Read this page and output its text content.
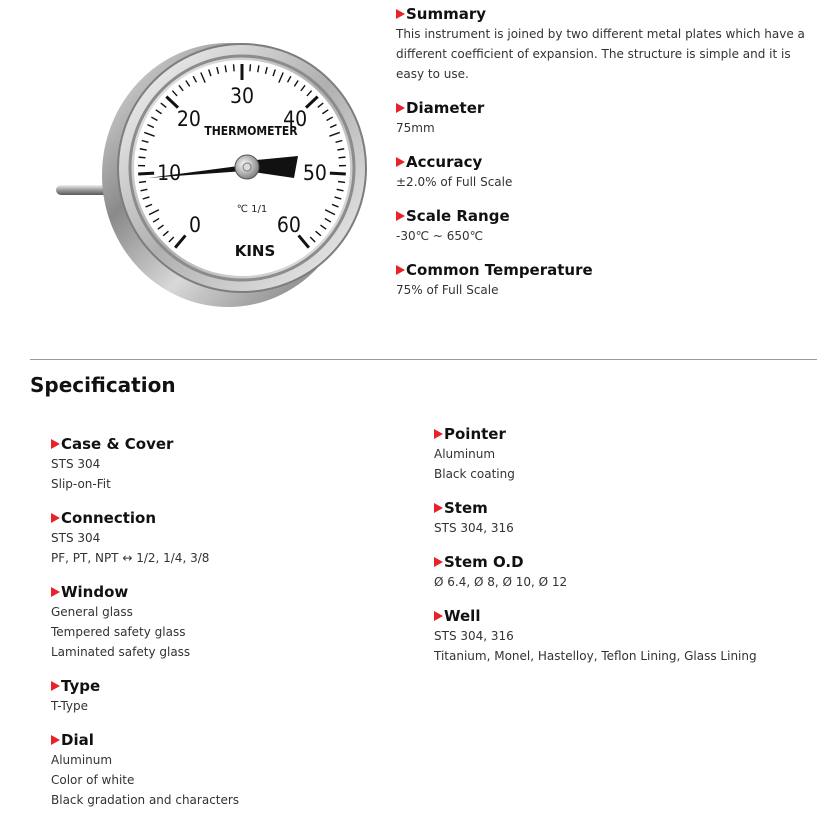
0
10
20
30
40
50
60
THERMOMETER
℃ 1/1
KINS
Summary
This instrument is joined by two different metal plates which have a
different coefficient of expansion. The structure is simple and it is
easy to use.
Diameter
75mm
Accuracy
±2.0% of Full Scale
Scale Range
-30℃ ~ 650℃
Common Temperature
75% of Full Scale
Specification
Case & Cover
STS 304
Slip-on-Fit
Connection
STS 304
PF, PT, NPT ↔ 1/2, 1/4, 3/8
Window
General glass
Tempered safety glass
Laminated safety glass
Type
T-Type
Dial
Aluminum
Color of white
Black gradation and characters
Pointer
Aluminum
Black coating
Stem
STS 304, 316
Stem O.D
Ø 6.4, Ø 8, Ø 10, Ø 12
Well
STS 304, 316
Titanium, Monel, Hastelloy, Teflon Lining, Glass Lining
